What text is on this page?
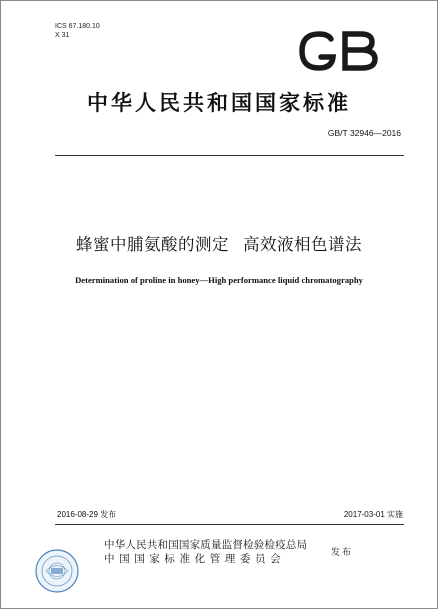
ICS 67.180.10
X 31
中华人民共和国国家标准
GB/T 32946—2016
蜂蜜中脯氨酸的测定 高效液相色谱法
Determination of proline in honey—High performance liquid chromatography
2016-08-29 发布	2017-03-01 实施
中华人民共和国国家质量监督检验检疫总局
中国国家标准化管理委员会	发布
